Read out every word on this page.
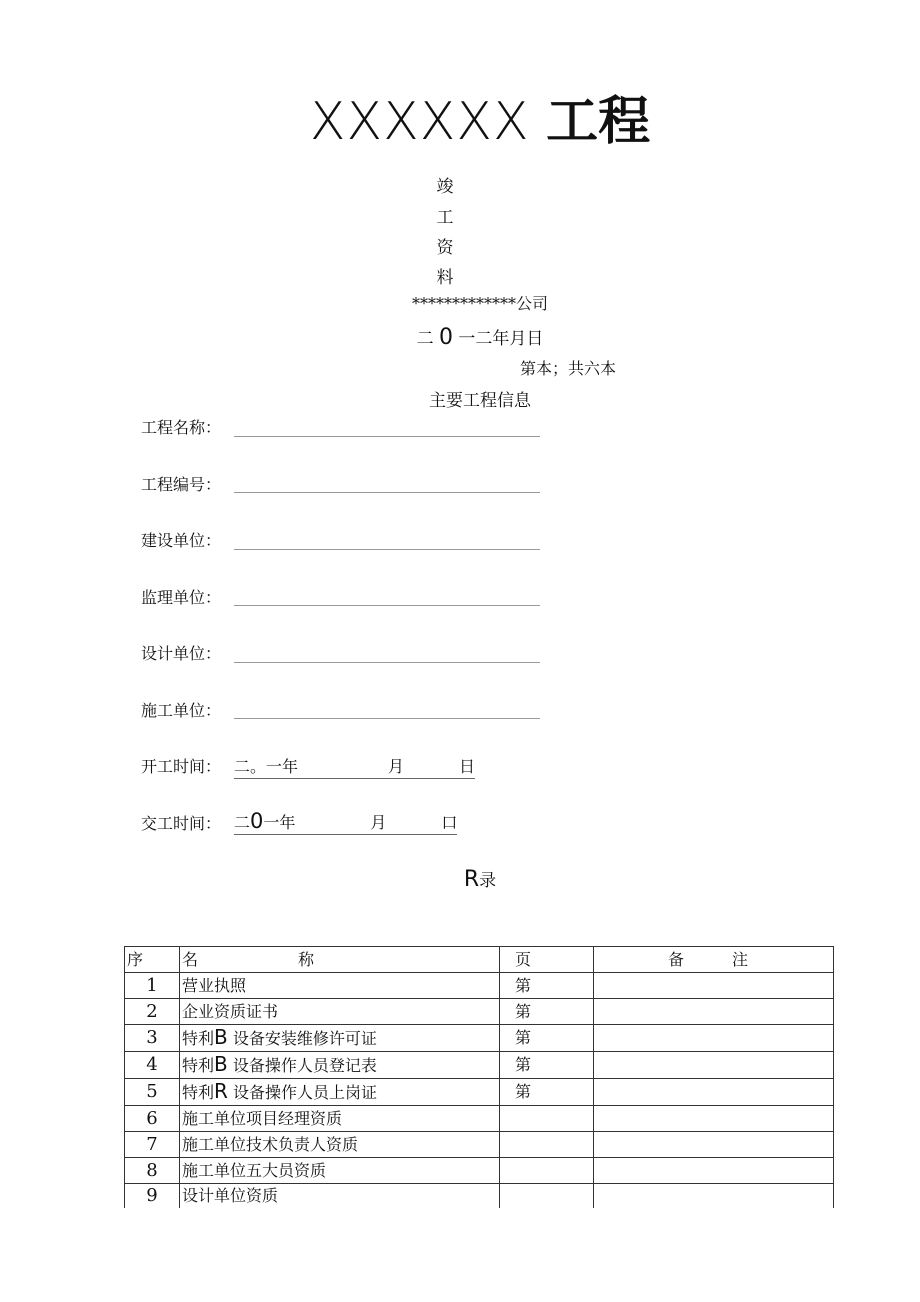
XXXXXX 工程
竣
工
资
料
*************公司
二 0 一二年月日
第本；共六本
主要工程信息
工程名称：
工程编号：
建设单位：
监理单位：
设计单位：
施工单位：
开工时间： 二。一年	月	日
交工时间： 二0一年	月	口
R录
序	名 称	页	备 注
1	营业执照	第	
2	企业资质证书	第	
3	特利B 设备安装维修许可证	第	
4	特利B 设备操作人员登记表	第	
5	特利R 设备操作人员上岗证	第	
6	施工单位项目经理资质		
7	施工单位技术负责人资质		
8	施工单位五大员资质		
9	设计单位资质		
